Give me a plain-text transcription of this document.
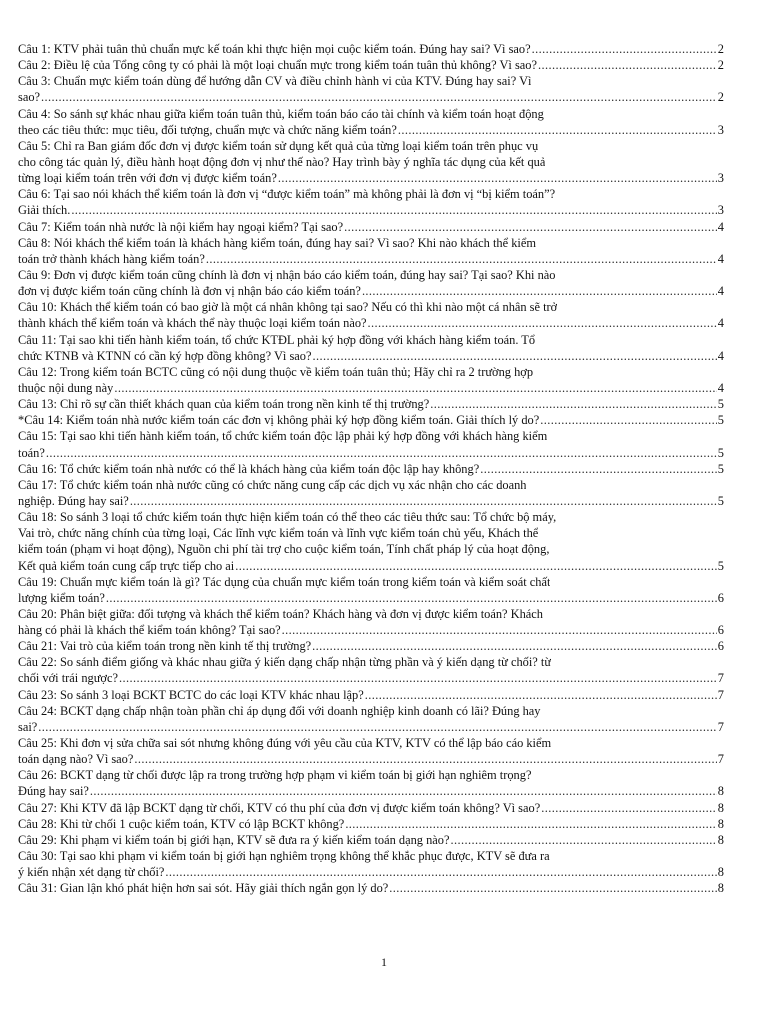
Câu 1: KTV phải tuân thủ chuẩn mực kế toán khi thực hiện mọi cuộc kiểm toán. Đúng hay sai? Vì sao? .....	2
Câu 2: Điều lệ của Tổng công ty có phải là một loại chuẩn mực trong kiểm toán tuân thủ không? Vì sao? .....	2
Câu 3: Chuẩn mực kiểm toán dùng để hướng dẫn CV và điều chỉnh hành vi của KTV. Đúng hay sai? Vì
sao? .....	2
Câu 4: So sánh sự khác nhau giữa kiểm toán tuân thủ, kiểm toán báo cáo tài chính và kiểm toán hoạt động
theo các tiêu thức: mục tiêu, đối tượng, chuẩn mực và chức năng kiểm toán? .....	3
Câu 5: Chỉ ra Ban giám đốc đơn vị được kiểm toán sử dụng kết quả của từng loại kiểm toán trên phục vụ
cho công tác quản lý, điều hành hoạt động đơn vị như thế nào? Hay trình bày ý nghĩa tác dụng của kết quả
từng loại kiểm toán trên với đơn vị được kiểm toán? .....	3
Câu 6: Tại sao nói khách thể kiểm toán là đơn vị “được kiểm toán” mà không phải là đơn vị “bị kiểm toán”?
Giải thích. .....	3
Câu 7: Kiểm toán nhà nước là nội kiểm hay ngoại kiểm? Tại sao? .....	4
Câu 8: Nói khách thể kiểm toán là khách hàng kiểm toán, đúng hay sai? Vì sao? Khi nào khách thể kiểm
toán trở thành khách hàng kiểm toán? .....	4
Câu 9: Đơn vị được kiểm toán cũng chính là đơn vị nhận báo cáo kiểm toán, đúng hay sai? Tại sao? Khi nào
đơn vị được kiểm toán cũng chính là đơn vị nhận báo cáo kiểm toán? .....	4
Câu 10: Khách thể kiểm toán có bao giờ là một cá nhân không tại sao? Nếu có thì khi nào một cá nhân sẽ trở
thành khách thể kiểm toán và khách thể này thuộc loại kiểm toán nào? .....	4
Câu 11: Tại sao khi tiến hành kiểm toán, tổ chức KTĐL phải ký hợp đồng với khách hàng kiểm toán. Tổ
chức KTNB và KTNN có cần ký hợp đồng không? Vì sao? .....	4
Câu 12: Trong kiểm toán BCTC cũng có nội dung thuộc về kiểm toán tuân thủ; Hãy chỉ ra 2 trường hợp
thuộc nội dung này .....	4
Câu 13: Chỉ rõ sự cần thiết khách quan của kiểm toán trong nền kinh tế thị trường? .....	5
*Câu 14: Kiểm toán nhà nước kiểm toán các đơn vị không phải ký hợp đồng kiểm toán. Giải thích lý do? .....	5
Câu 15: Tại sao khi tiến hành kiểm toán, tổ chức kiểm toán độc lập phải ký hợp đồng với khách hàng kiểm
toán? .....	5
Câu 16: Tổ chức kiểm toán nhà nước có thể là khách hàng của kiểm toán độc lập hay không? .....	5
Câu 17: Tổ chức kiểm toán nhà nước cũng có chức năng cung cấp các dịch vụ xác nhận cho các doanh
nghiệp. Đúng hay sai? .....	5
Câu 18: So sánh 3 loại tổ chức kiểm toán thực hiện kiểm toán có thể theo các tiêu thức sau: Tổ chức bộ máy,
Vai trò, chức năng chính của từng loại, Các lĩnh vực kiểm toán và lĩnh vực kiểm toán chủ yếu, Khách thể
kiểm toán (phạm vi hoạt động), Nguồn chi phí tài trợ cho cuộc kiểm toán, Tính chất pháp lý của hoạt động,
Kết quả kiểm toán cung cấp trực tiếp cho ai .....	5
Câu 19: Chuẩn mực kiểm toán là gì? Tác dụng của chuẩn mực kiểm toán trong kiểm toán và kiểm soát chất
lượng kiểm toán? .....	6
Câu 20: Phân biệt giữa: đối tượng và khách thể kiểm toán? Khách hàng và đơn vị được kiểm toán? Khách
hàng có phải là khách thể kiểm toán không? Tại sao? .....	6
Câu 21: Vai trò của kiểm toán trong nền kinh tế thị trường? .....	6
Câu 22: So sánh điểm giống và khác nhau giữa ý kiến dạng chấp nhận từng phần và ý kiến dạng từ chối? từ
chối với trái ngược? .....	7
Câu 23: So sánh 3 loại BCKT BCTC do các loại KTV khác nhau lập? .....	7
Câu 24: BCKT dạng chấp nhận toàn phần chỉ áp dụng đối với doanh nghiệp kinh doanh có lãi? Đúng hay
sai? .....	7
Câu 25: Khi đơn vị sửa chữa sai sót nhưng không đúng với yêu cầu của KTV, KTV có thể lập báo cáo kiểm
toán dạng nào? Vì sao? .....	7
Câu 26: BCKT dạng từ chối được lập ra trong trường hợp phạm vi kiểm toán bị giới hạn nghiêm trọng?
Đúng hay sai? .....	8
Câu 27: Khi KTV đã lập BCKT dạng từ chối, KTV có thu phí của đơn vị được kiểm toán không? Vì sao? .....	8
Câu 28: Khi từ chối 1 cuộc kiểm toán, KTV có lập BCKT không? .....	8
Câu 29: Khi phạm vi kiểm toán bị giới hạn, KTV sẽ đưa ra ý kiến kiểm toán dạng nào? .....	8
Câu 30: Tại sao khi phạm vi kiểm toán bị giới hạn nghiêm trọng không thể khắc phục được, KTV sẽ đưa ra
ý kiến nhận xét dạng từ chối? .....	8
Câu 31: Gian lận khó phát hiện hơn sai sót. Hãy giải thích ngắn gọn lý do? .....	8
1
